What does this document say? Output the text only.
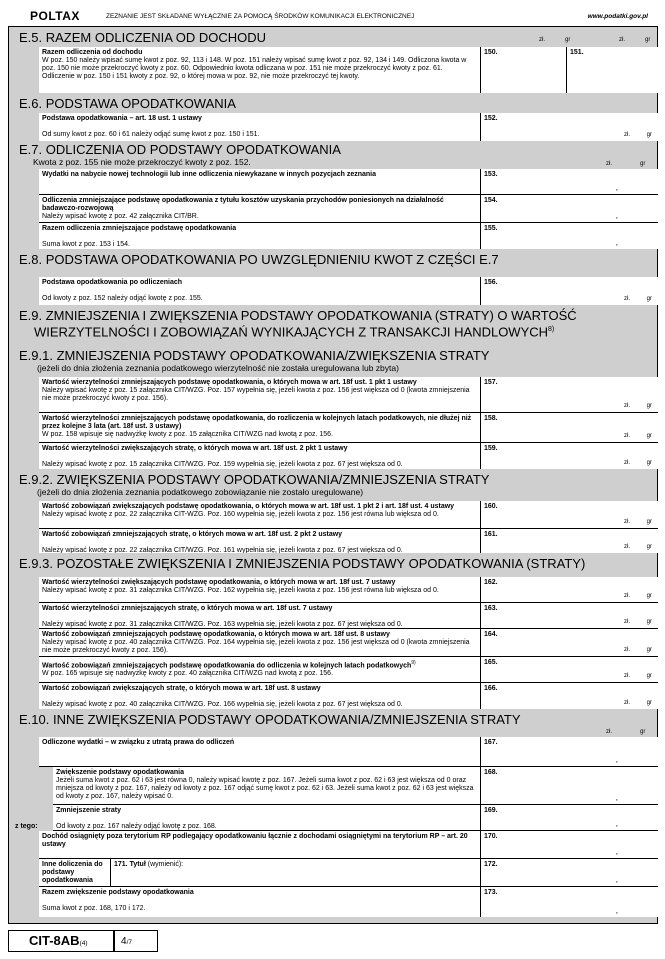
POLTAX	ZEZNANIE JEST SKŁADANE WYŁĄCZNIE ZA POMOCĄ ŚRODKÓW KOMUNIKACJI ELEKTRONICZNEJ	www.podatki.gov.pl
E.5. RAZEM ODLICZENIA OD DOCHODU	zł.	gr	zł.	gr
Razem odliczenia od dochodu
W poz. 150 należy wpisać sumę kwot z poz. 92, 113 i 148. W poz. 151 należy wpisać sumę kwot z poz. 92, 134 i 149. Odliczona kwota w poz. 150 nie może przekroczyć kwoty z poz. 60. Odpowiednio kwota odliczana w poz. 151 nie może przekroczyć kwoty z poz. 61. Odliczenie w poz. 150 i 151 kwoty z poz. 92, o której mowa w poz. 92, nie może przekroczyć tej kwoty.
150.	151.
E.6. PODSTAWA OPODATKOWANIA
Podstawa opodatkowania – art. 18 ust. 1 ustawy

Od sumy kwot z poz. 60 i 61 należy odjąć sumę kwot z poz. 150 i 151.
152.
zł.	gr
E.7. ODLICZENIA OD PODSTAWY OPODATKOWANIA
Kwota z poz. 155 nie może przekroczyć kwoty z poz. 152.	zł.	gr
Wydatki na nabycie nowej technologii lub inne odliczenia niewykazane w innych pozycjach zeznania	153.
,
Odliczenia zmniejszające podstawę opodatkowania z tytułu kosztów uzyskania przychodów poniesionych na działalność badawczo-rozwojową
Należy wpisać kwotę z poz. 42 załącznika CIT/BR.
154.
,
Razem odliczenia zmniejszające podstawę opodatkowania

Suma kwot z poz. 153 i 154.
155.
,
E.8. PODSTAWA OPODATKOWANIA PO UWZGLĘDNIENIU KWOT Z CZĘŚCI E.7
Podstawa opodatkowania po odliczeniach

Od kwoty z poz. 152 należy odjąć kwotę z poz. 155.
156.
zł.	gr
E.9. ZMNIEJSZENIA I ZWIĘKSZENIA PODSTAWY OPODATKOWANIA (STRATY) O WARTOŚĆ
WIERZYTELNOŚCI I ZOBOWIĄZAŃ WYNIKAJĄCYCH Z TRANSAKCJI HANDLOWYCH$^{8)}$
E.9.1. ZMNIEJSZENIA PODSTAWY OPODATKOWANIA/ZWIĘKSZENIA STRATY
(jeżeli do dnia złożenia zeznania podatkowego wierzytelność nie została uregulowana lub zbyta)
Wartość wierzytelności zmniejszających podstawę opodatkowania, o których mowa w art. 18f ust. 1 pkt 1 ustawy
Należy wpisać kwotę z poz. 15 załącznika CIT/WZG. Poz. 157 wypełnia się, jeżeli kwota z poz. 156 jest większa od 0 (kwota zmniejszenia nie może przekroczyć kwoty z poz. 156).
157.
zł.	gr
Wartość wierzytelności zmniejszających podstawę opodatkowania, do rozliczenia w kolejnych latach podatkowych, nie dłużej niż przez kolejne 3 lata (art. 18f ust. 3 ustawy)
W poz. 158 wpisuje się nadwyżkę kwoty z poz. 15 załącznika CIT/WZG nad kwotą z poz. 156.
158.
zł.	gr
Wartość wierzytelności zwiększających stratę, o których mowa w art. 18f ust. 2 pkt 1 ustawy

Należy wpisać kwotę z poz. 15 załącznika CIT/WZG. Poz. 159 wypełnia się, jeżeli kwota z poz. 67 jest większa od 0.
159.
zł.	gr
E.9.2. ZWIĘKSZENIA PODSTAWY OPODATKOWANIA/ZMNIEJSZENIA STRATY
(jeżeli do dnia złożenia zeznania podatkowego zobowiązanie nie zostało uregulowane)
Wartość zobowiązań zwiększających podstawę opodatkowania, o których mowa w art. 18f ust. 1 pkt 2 i art. 18f ust. 4 ustawy
Należy wpisać kwotę z poz. 22 załącznika CIT-WZG. Poz. 160 wypełnia się, jeżeli kwota z poz. 156 jest równa lub większa od 0.
160.
zł.	gr
Wartość zobowiązań zmniejszających stratę, o których mowa w art. 18f ust. 2 pkt 2 ustawy

Należy wpisać kwotę z poz. 22 załącznika CIT/WZG. Poz. 161 wypełnia się, jeżeli kwota z poz. 67 jest większa od 0.
161.
zł.	gr
E.9.3. POZOSTAŁE ZWIĘKSZENIA I ZMNIEJSZENIA PODSTAWY OPODATKOWANIA (STRATY)
Wartość wierzytelności zwiększających podstawę opodatkowania, o których mowa w art. 18f ust. 7 ustawy
Należy wpisać kwotę z poz. 31 załącznika CIT/WZG. Poz. 162 wypełnia się, jeżeli kwota z poz. 156 jest równa lub większa od 0.
162.
zł.	gr
Wartość wierzytelności zmniejszających stratę, o których mowa w art. 18f ust. 7 ustawy

Należy wpisać kwotę z poz. 31 załącznika CIT/WZG. Poz. 163 wypełnia się, jeżeli kwota z poz. 67 jest większa od 0.
163.
zł.	gr
Wartość zobowiązań zmniejszających podstawę opodatkowania, o których mowa w art. 18f ust. 8 ustawy
Należy wpisać kwotę z poz. 40 załącznika CIT/WZG. Poz. 164 wypełnia się, jeżeli kwota z poz. 156 jest większa od 0 (kwota zmniejszenia nie może przekroczyć kwoty z poz. 156).
164.
zł.	gr
Wartość zobowiązań zmniejszających podstawę opodatkowania do odliczenia w kolejnych latach podatkowych$^{9)}$
W poz. 165 wpisuje się nadwyżkę kwoty z poz. 40 załącznika CIT/WZG nad kwotą z poz. 156.
165.
zł.	gr
Wartość zobowiązań zwiększających stratę, o których mowa w art. 18f ust. 8 ustawy

Należy wpisać kwotę z poz. 40 załącznika CIT/WZG. Poz. 166 wypełnia się, jeżeli kwota z poz. 67 jest większa od 0.
166.
zł.	gr
E.10. INNE ZWIĘKSZENIA PODSTAWY OPODATKOWANIA/ZMNIEJSZENIA STRATY
zł.	gr
Odliczone wydatki – w związku z utratą prawa do odliczeń	167.
,
z tego:
Zwiększenie podstawy opodatkowania
Jeżeli suma kwot z poz. 62 i 63 jest równa 0, należy wpisać kwotę z poz. 167. Jeżeli suma kwot z poz. 62 i 63 jest większa od 0 oraz mniejsza od kwoty z poz. 167, należy od kwoty z poz. 167 odjąć sumę kwot z poz. 62 i 63. Jeżeli suma kwot z poz. 62 i 63 jest większa od kwoty z poz. 167, należy wpisać 0.
168.
,
Zmniejszenie straty

Od kwoty z poz. 167 należy odjąć kwotę z poz. 168.
169.
,
Dochód osiągnięty poza terytorium RP podlegający opodatkowaniu łącznie z dochodami osiągniętymi na terytorium RP – art. 20 ustawy
170.
,
Inne doliczenia do podstawy opodatkowania
171. Tytuł (wymienić):	172.
,
Razem zwiększenie podstawy opodatkowania

Suma kwot z poz. 168, 170 i 172.
173.
,
CIT-8AB(4)	4/7
